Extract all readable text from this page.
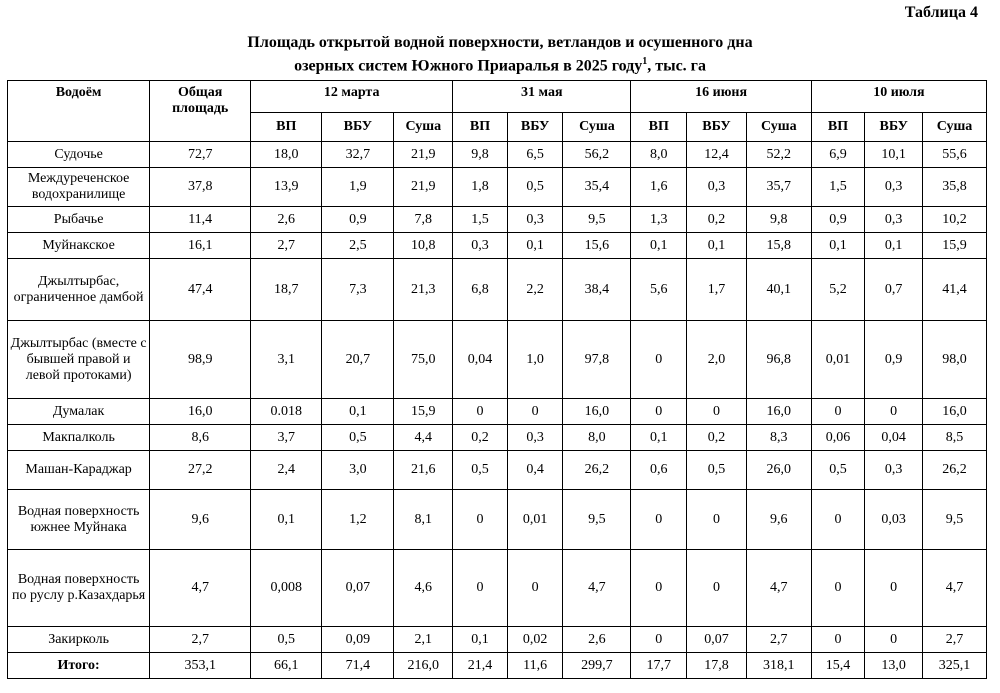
Таблица 4
Площадь открытой водной поверхности, ветландов и осушенного дна
озерных систем Южного Приаралья в 2025 году$^1$, тыс. га
Водоём	Общая площадь	12 марта			31 мая			16 июня			10 июля		
		ВП	ВБУ	Суша	ВП	ВБУ	Суша	ВП	ВБУ	Суша	ВП	ВБУ	Суша
Судочье	72,7	18,0	32,7	21,9	9,8	6,5	56,2	8,0	12,4	52,2	6,9	10,1	55,6
Междуреченское водохранилище	37,8	13,9	1,9	21,9	1,8	0,5	35,4	1,6	0,3	35,7	1,5	0,3	35,8
Рыбачье	11,4	2,6	0,9	7,8	1,5	0,3	9,5	1,3	0,2	9,8	0,9	0,3	10,2
Муйнакское	16,1	2,7	2,5	10,8	0,3	0,1	15,6	0,1	0,1	15,8	0,1	0,1	15,9
Джылтырбас, ограниченное дамбой	47,4	18,7	7,3	21,3	6,8	2,2	38,4	5,6	1,7	40,1	5,2	0,7	41,4
Джылтырбас (вместе с бывшей правой и левой протоками)	98,9	3,1	20,7	75,0	0,04	1,0	97,8	0	2,0	96,8	0,01	0,9	98,0
Думалак	16,0	0.018	0,1	15,9	0	0	16,0	0	0	16,0	0	0	16,0
Макпалколь	8,6	3,7	0,5	4,4	0,2	0,3	8,0	0,1	0,2	8,3	0,06	0,04	8,5
Машан-Караджар	27,2	2,4	3,0	21,6	0,5	0,4	26,2	0,6	0,5	26,0	0,5	0,3	26,2
Водная поверхность южнее Муйнака	9,6	0,1	1,2	8,1	0	0,01	9,5	0	0	9,6	0	0,03	9,5
Водная поверхность по руслу р.Казахдарья	4,7	0,008	0,07	4,6	0	0	4,7	0	0	4,7	0	0	4,7
Закирколь	2,7	0,5	0,09	2,1	0,1	0,02	2,6	0	0,07	2,7	0	0	2,7
Итого:	353,1	66,1	71,4	216,0	21,4	11,6	299,7	17,7	17,8	318,1	15,4	13,0	325,1
